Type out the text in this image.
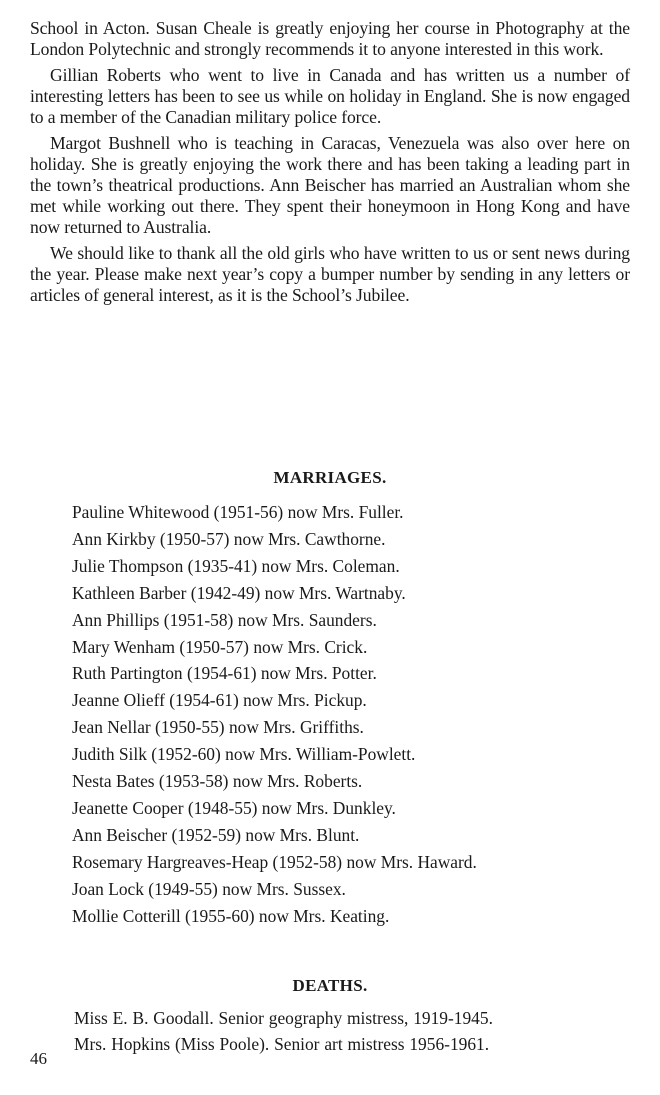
School in Acton. Susan Cheale is greatly enjoying her course in Photography at the London Polytechnic and strongly recommends it to anyone interested in this work.

Gillian Roberts who went to live in Canada and has written us a number of interesting letters has been to see us while on holiday in England. She is now engaged to a member of the Canadian military police force.

Margot Bushnell who is teaching in Caracas, Venezuela was also over here on holiday. She is greatly enjoying the work there and has been taking a leading part in the town’s theatrical productions. Ann Beischer has married an Australian whom she met while working out there. They spent their honeymoon in Hong Kong and have now returned to Australia.

We should like to thank all the old girls who have written to us or sent news during the year. Please make next year’s copy a bumper number by sending in any letters or articles of general interest, as it is the School’s Jubilee.

MARRIAGES.
Pauline Whitewood (1951-56) now Mrs. Fuller.
Ann Kirkby (1950-57) now Mrs. Cawthorne.
Julie Thompson (1935-41) now Mrs. Coleman.
Kathleen Barber (1942-49) now Mrs. Wartnaby.
Ann Phillips (1951-58) now Mrs. Saunders.
Mary Wenham (1950-57) now Mrs. Crick.
Ruth Partington (1954-61) now Mrs. Potter.
Jeanne Olieff (1954-61) now Mrs. Pickup.
Jean Nellar (1950-55) now Mrs. Griffiths.
Judith Silk (1952-60) now Mrs. William-Powlett.
Nesta Bates (1953-58) now Mrs. Roberts.
Jeanette Cooper (1948-55) now Mrs. Dunkley.
Ann Beischer (1952-59) now Mrs. Blunt.
Rosemary Hargreaves-Heap (1952-58) now Mrs. Haward.
Joan Lock (1949-55) now Mrs. Sussex.
Mollie Cotterill (1955-60) now Mrs. Keating.
DEATHS.
Miss E. B. Goodall. Senior geography mistress, 1919-1945.
Mrs. Hopkins (Miss Poole). Senior art mistress 1956-1961.
46
